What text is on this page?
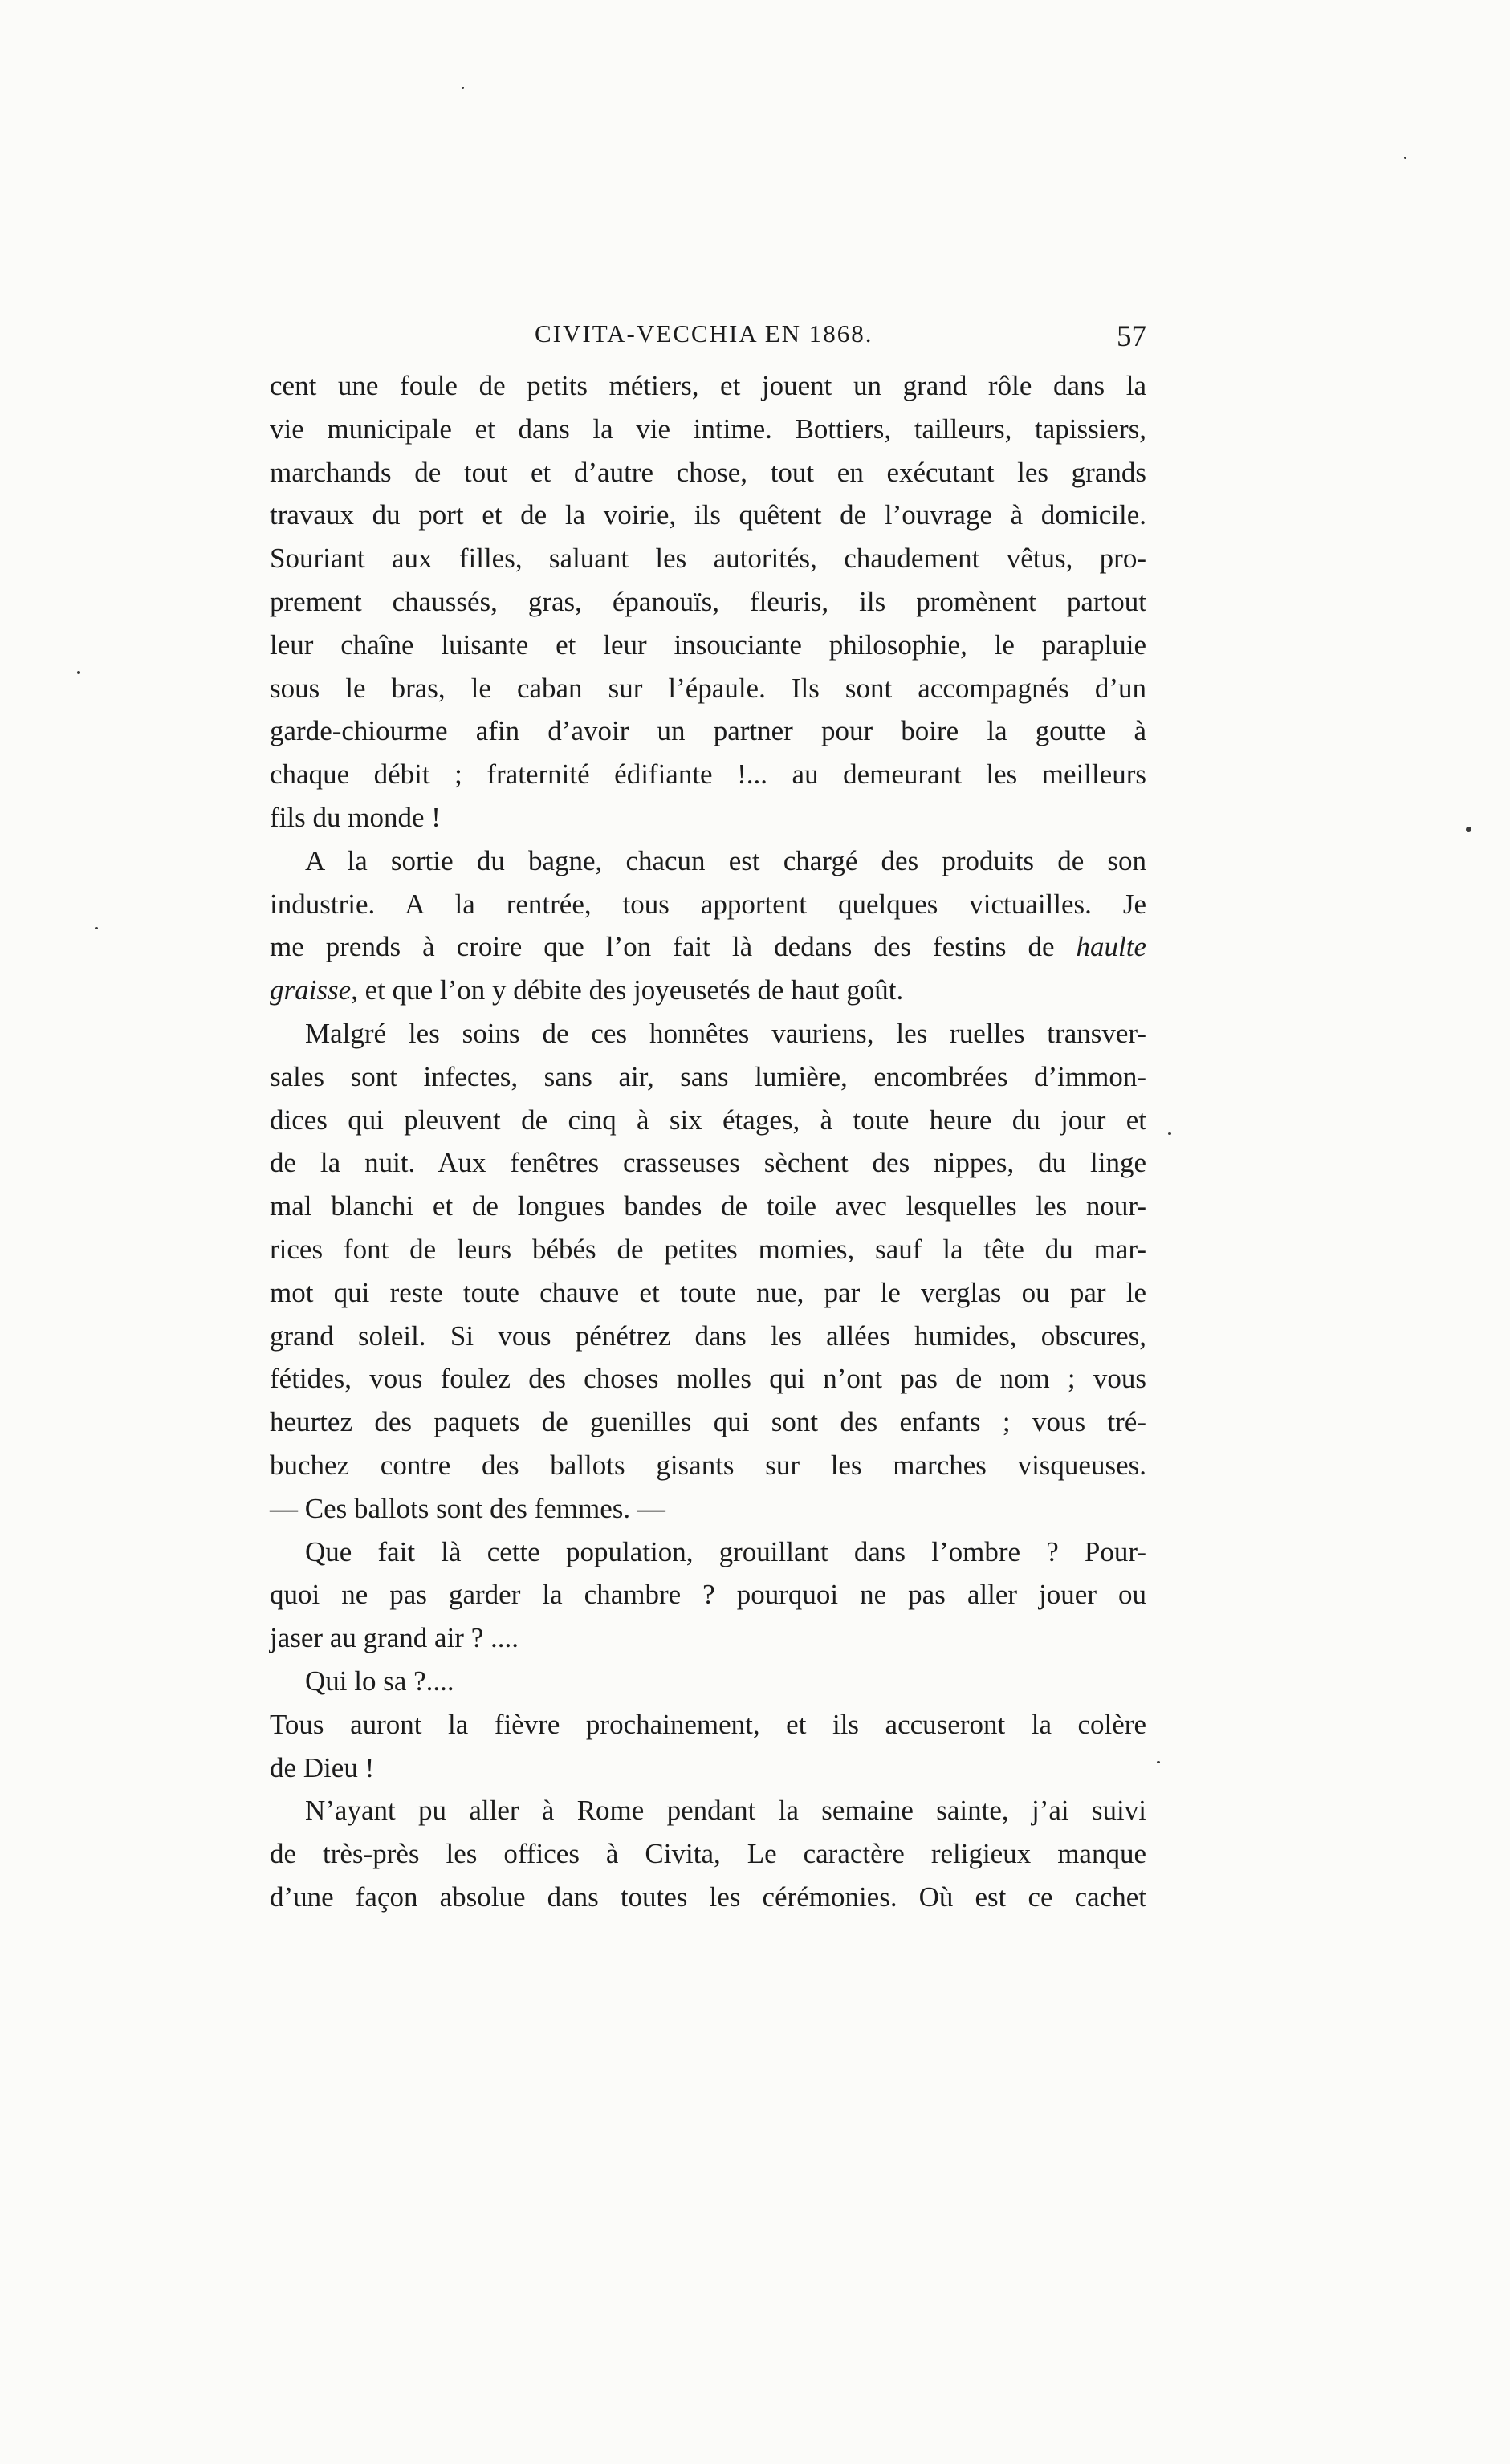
CIVITA-VECCHIA EN 1868.	57
cent une foule de petits métiers, et jouent un grand rôle dans la
vie municipale et dans la vie intime. Bottiers, tailleurs, tapissiers,
marchands de tout et d’autre chose, tout en exécutant les grands
travaux du port et de la voirie, ils quêtent de l’ouvrage à domicile.
Souriant aux filles, saluant les autorités, chaudement vêtus, pro-
prement chaussés, gras, épanouïs, fleuris, ils promènent partout
leur chaîne luisante et leur insouciante philosophie, le parapluie
sous le bras, le caban sur l’épaule. Ils sont accompagnés d’un
garde-chiourme afin d’avoir un partner pour boire la goutte à
chaque débit ; fraternité édifiante !... au demeurant les meilleurs
fils du monde !
A la sortie du bagne, chacun est chargé des produits de son
industrie. A la rentrée, tous apportent quelques victuailles. Je
me prends à croire que l’on fait là dedans des festins de haulte
graisse, et que l’on y débite des joyeusetés de haut goût.
Malgré les soins de ces honnêtes vauriens, les ruelles transver-
sales sont infectes, sans air, sans lumière, encombrées d’immon-
dices qui pleuvent de cinq à six étages, à toute heure du jour et
de la nuit. Aux fenêtres crasseuses sèchent des nippes, du linge
mal blanchi et de longues bandes de toile avec lesquelles les nour-
rices font de leurs bébés de petites momies, sauf la tête du mar-
mot qui reste toute chauve et toute nue, par le verglas ou par le
grand soleil. Si vous pénétrez dans les allées humides, obscures,
fétides, vous foulez des choses molles qui n’ont pas de nom ; vous
heurtez des paquets de guenilles qui sont des enfants ; vous tré-
buchez contre des ballots gisants sur les marches visqueuses.
— Ces ballots sont des femmes. —
Que fait là cette population, grouillant dans l’ombre ? Pour-
quoi ne pas garder la chambre ? pourquoi ne pas aller jouer ou
jaser au grand air ? ....
Qui lo sa ?....
Tous auront la fièvre prochainement, et ils accuseront la colère
de Dieu !
N’ayant pu aller à Rome pendant la semaine sainte, j’ai suivi
de très-près les offices à Civita, Le caractère religieux manque
d’une façon absolue dans toutes les cérémonies. Où est ce cachet
